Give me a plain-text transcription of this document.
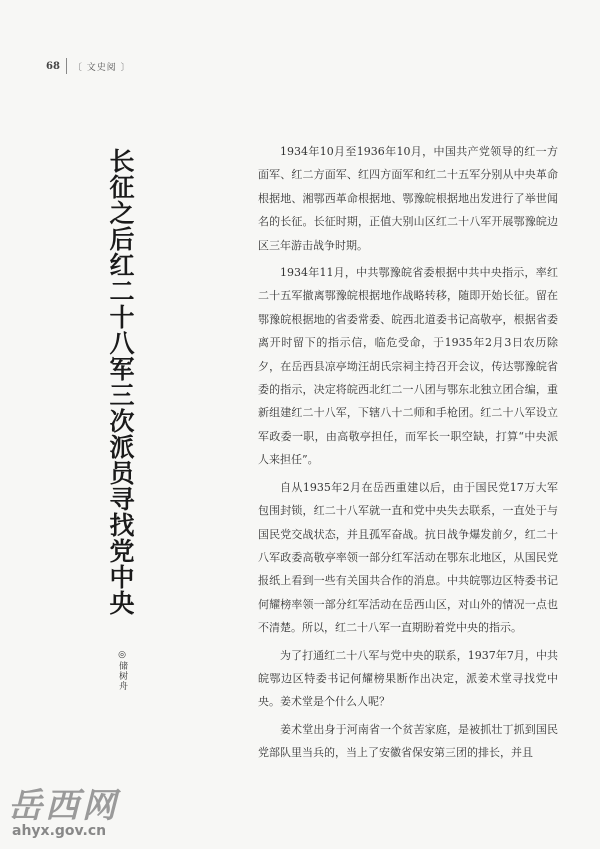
68 〔 文史阅 〕
长征之后红二十八军三次派员寻找党中央
◎储树舟

1934年10月至1936年10月，中国共产党领导的红一方面军、红二方面军、红四方面军和红二十五军分别从中央革命根据地、湘鄂西革命根据地、鄂豫皖根据地出发进行了举世闻名的长征。长征时期，正值大别山区红二十八军开展鄂豫皖边区三年游击战争时期。

1934年11月，中共鄂豫皖省委根据中共中央指示，率红二十五军撤离鄂豫皖根据地作战略转移，随即开始长征。留在鄂豫皖根据地的省委常委、皖西北道委书记高敬亭，根据省委离开时留下的指示信，临危受命，于1935年2月3日农历除夕，在岳西县凉亭坳汪胡氏宗祠主持召开会议，传达鄂豫皖省委的指示，决定将皖西北红二一八团与鄂东北独立团合编，重新组建红二十八军，下辖八十二师和手枪团。红二十八军设立军政委一职，由高敬亭担任，而军长一职空缺，打算“中央派人来担任”。

自从1935年2月在岳西重建以后，由于国民党17万大军包围封锁，红二十八军就一直和党中央失去联系，一直处于与国民党交战状态，并且孤军奋战。抗日战争爆发前夕，红二十八军政委高敬亭率领一部分红军活动在鄂东北地区，从国民党报纸上看到一些有关国共合作的消息。中共皖鄂边区特委书记何耀榜率领一部分红军活动在岳西山区，对山外的情况一点也不清楚。所以，红二十八军一直期盼着党中央的指示。

为了打通红二十八军与党中央的联系，1937年7月，中共皖鄂边区特委书记何耀榜果断作出决定，派姜术堂寻找党中央。姜术堂是个什么人呢？

姜术堂出身于河南省一个贫苦家庭，是被抓壮丁抓到国民党部队里当兵的，当上了安徽省保安第三团的排长，并且

岳西网
ahyx.gov.cn
